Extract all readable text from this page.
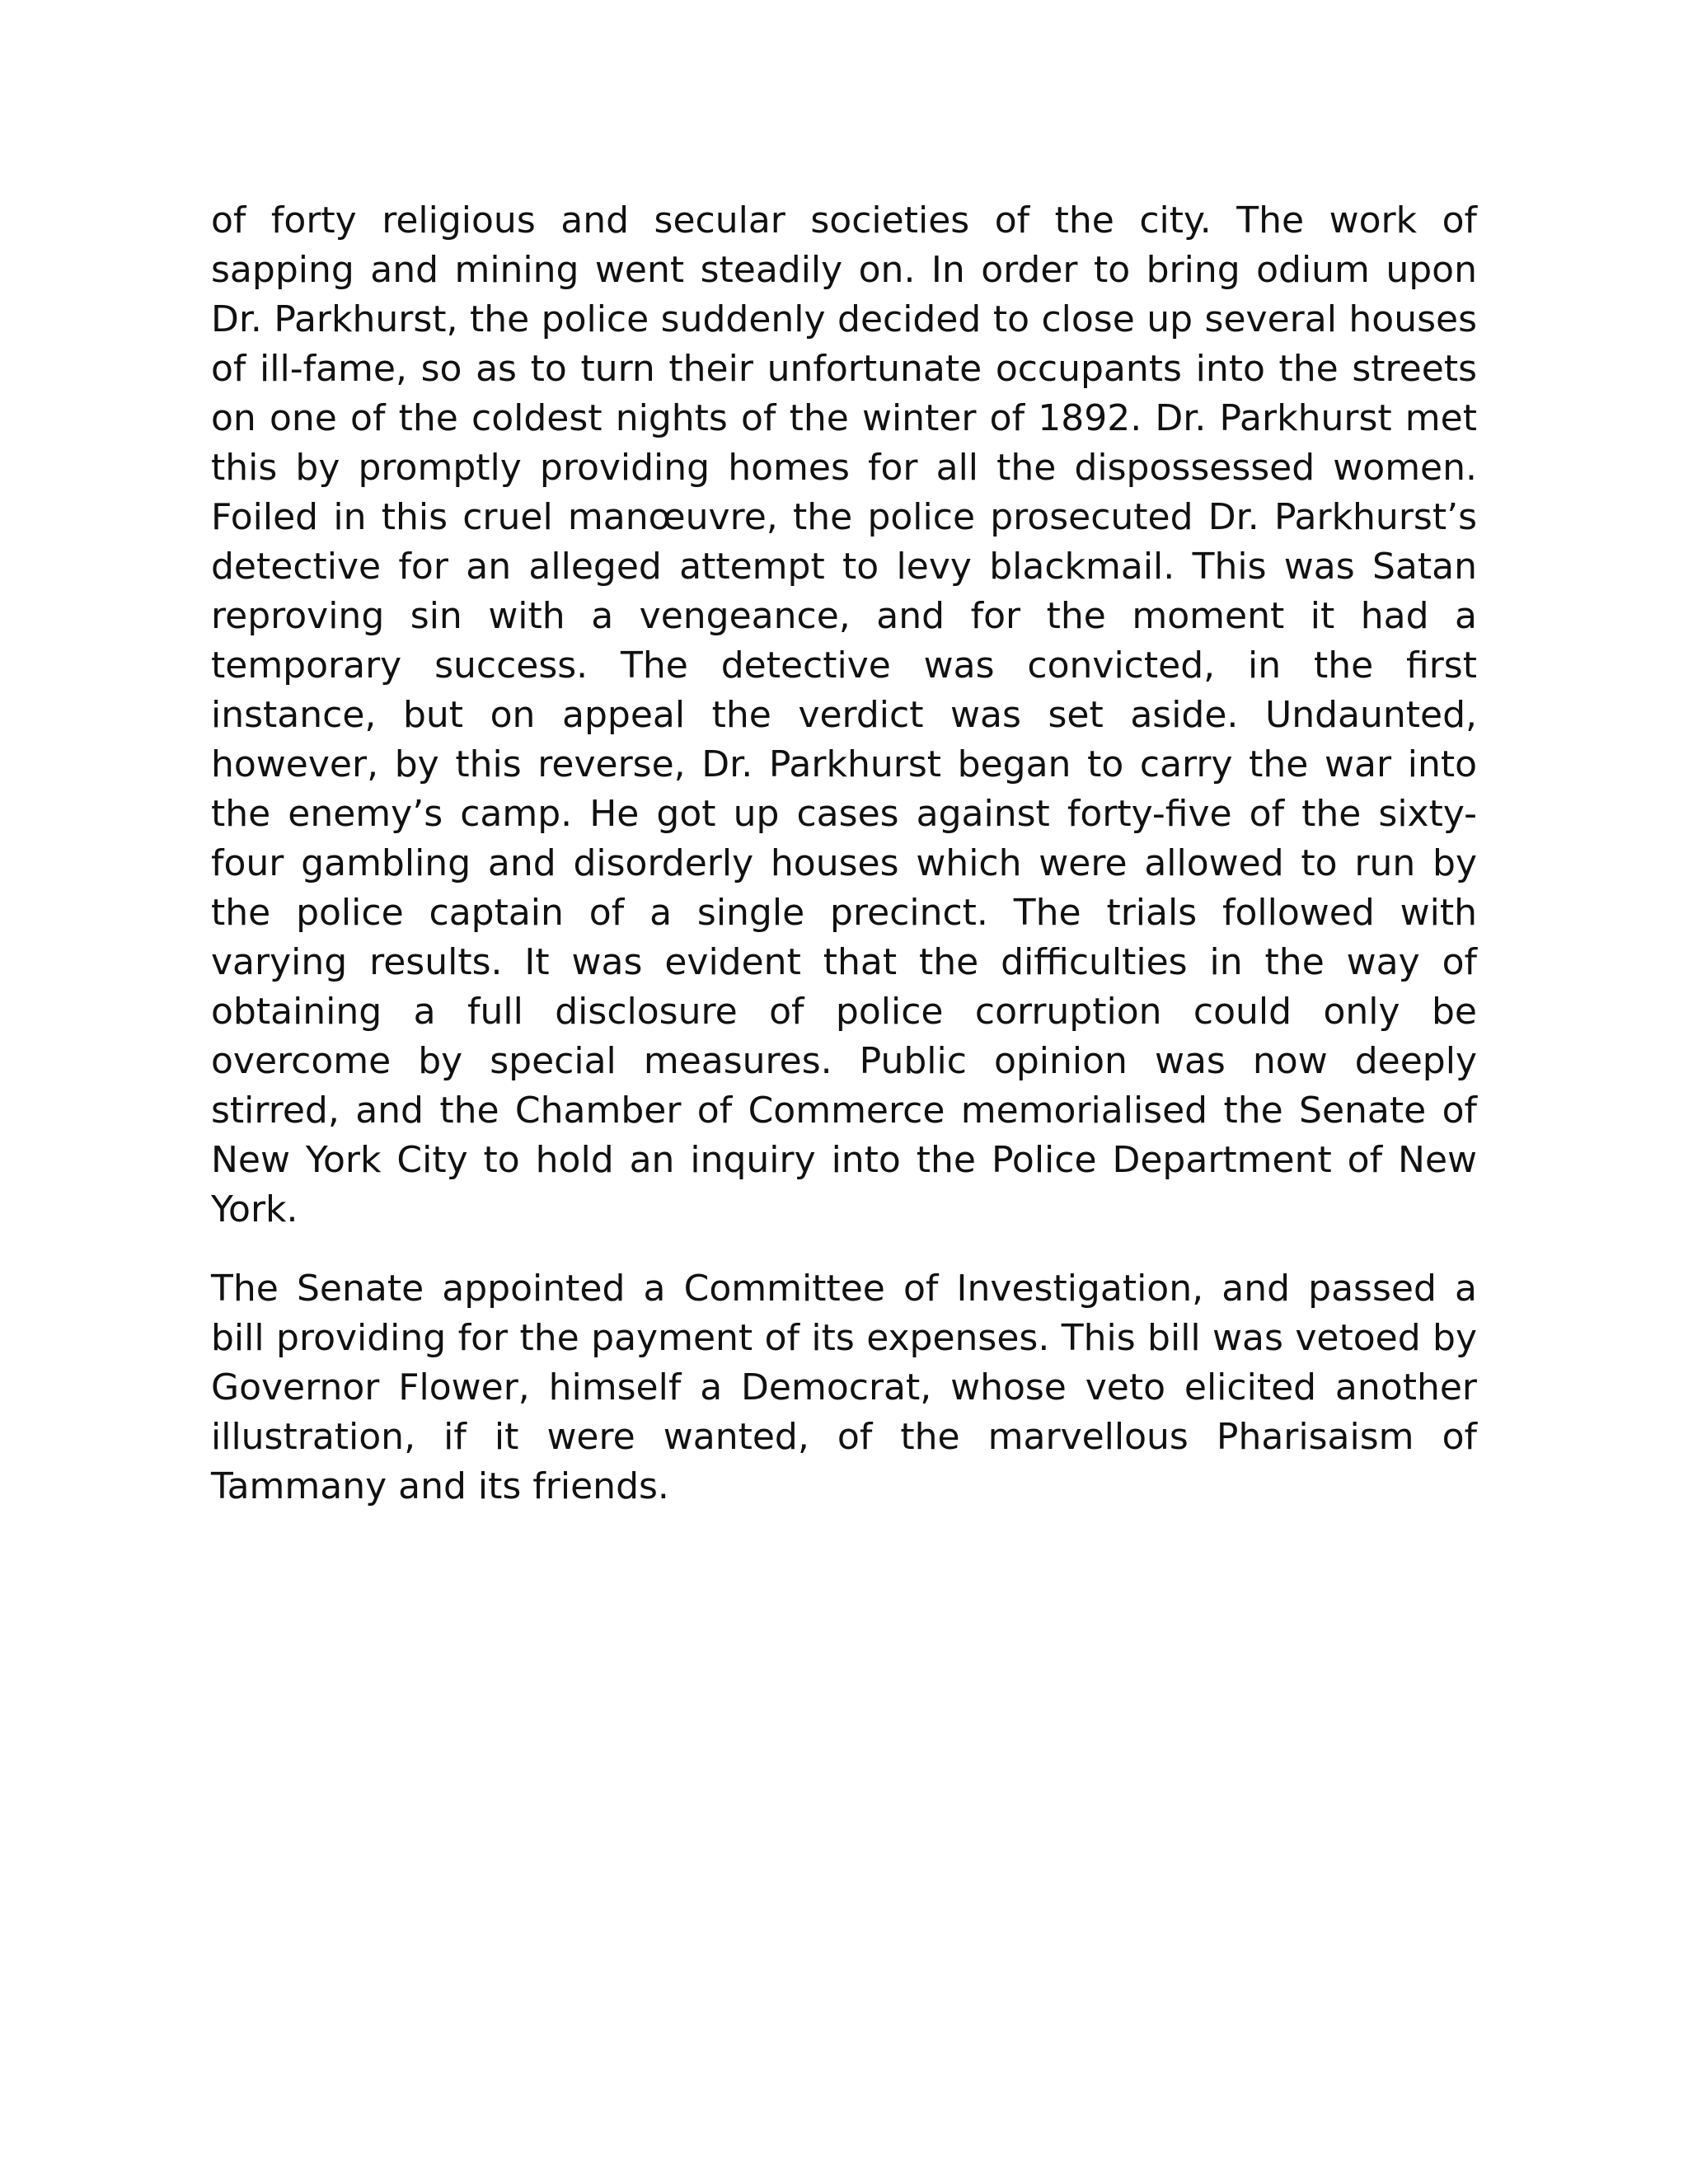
of forty religious and secular societies of the city. The work of sapping and mining went steadily on. In order to bring odium upon Dr. Parkhurst, the police suddenly decided to close up several houses of ill-fame, so as to turn their unfortunate occupants into the streets on one of the coldest nights of the winter of 1892. Dr. Parkhurst met this by promptly providing homes for all the dispossessed women. Foiled in this cruel manœuvre, the police prosecuted Dr. Parkhurst’s detective for an alleged attempt to levy blackmail. This was Satan reproving sin with a vengeance, and for the moment it had a temporary success. The detective was convicted, in the first instance, but on appeal the verdict was set aside. Undaunted, however, by this reverse, Dr. Parkhurst began to carry the war into the enemy’s camp. He got up cases against forty-five of the sixty-four gambling and disorderly houses which were allowed to run by the police captain of a single precinct. The trials followed with varying results. It was evident that the difficulties in the way of obtaining a full disclosure of police corruption could only be overcome by special measures. Public opinion was now deeply stirred, and the Chamber of Commerce memorialised the Senate of New York City to hold an inquiry into the Police Department of New York.

The Senate appointed a Committee of Investigation, and passed a bill providing for the payment of its expenses. This bill was vetoed by Governor Flower, himself a Democrat, whose veto elicited another illustration, if it were wanted, of the marvellous Pharisaism of Tammany and its friends.
